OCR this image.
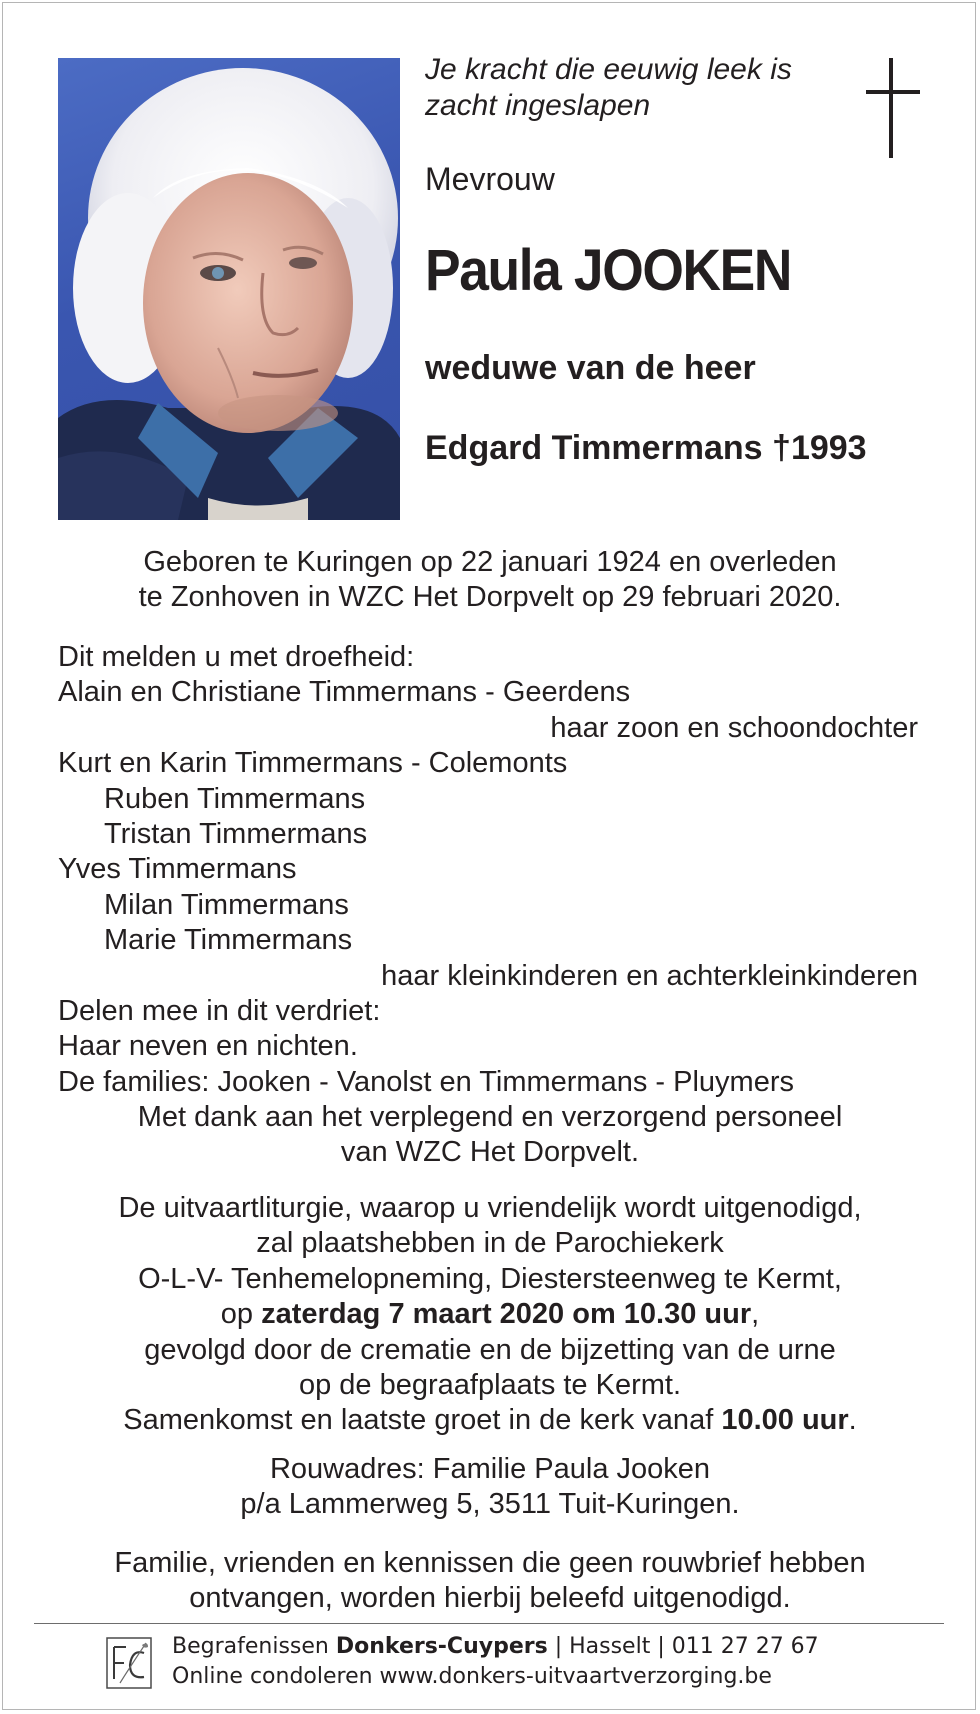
Je kracht die eeuwig leek is
zacht ingeslapen
Mevrouw
Paula JOOKEN
weduwe van de heer
Edgard Timmermans †1993
Geboren te Kuringen op 22 januari 1924 en overleden
te Zonhoven in WZC Het Dorpvelt op 29 februari 2020.
Dit melden u met droefheid:
Alain en Christiane Timmermans - Geerdens
haar zoon en schoondochter
Kurt en Karin Timmermans - Colemonts
Ruben Timmermans
Tristan Timmermans
Yves Timmermans
Milan Timmermans
Marie Timmermans
haar kleinkinderen en achterkleinkinderen
Delen mee in dit verdriet:
Haar neven en nichten.
De families: Jooken - Vanolst en Timmermans - Pluymers
Met dank aan het verplegend en verzorgend personeel
van WZC Het Dorpvelt.
De uitvaartliturgie, waarop u vriendelijk wordt uitgenodigd,
zal plaatshebben in de Parochiekerk
O-L-V- Tenhemelopneming, Diestersteenweg te Kermt,
op zaterdag 7 maart 2020 om 10.30 uur,
gevolgd door de crematie en de bijzetting van de urne
op de begraafplaats te Kermt.
Samenkomst en laatste groet in de kerk vanaf 10.00 uur.
Rouwadres: Familie Paula Jooken
p/a Lammerweg 5, 3511 Tuit-Kuringen.
Familie, vrienden en kennissen die geen rouwbrief hebben
ontvangen, worden hierbij beleefd uitgenodigd.
Begrafenissen Donkers-Cuypers | Hasselt | 011 27 27 67
Online condoleren www.donkers-uitvaartverzorging.be
